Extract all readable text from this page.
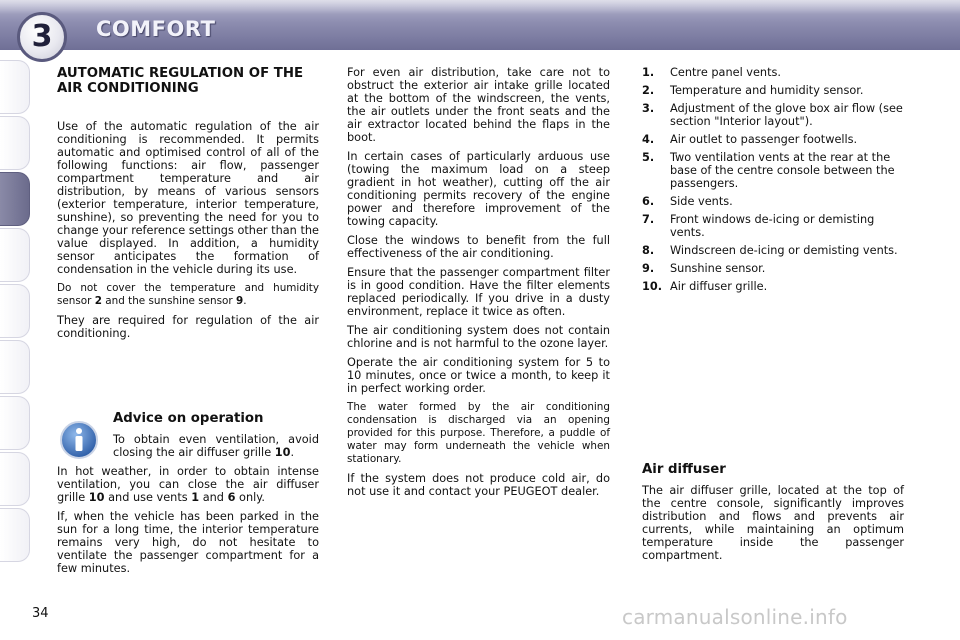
3	COMFORT
AUTOMATIC REGULATION OF THE AIR CONDITIONING

Use of the automatic regulation of the air conditioning is recommended. It permits automatic and optimised control of all of the following functions: air flow, passenger compartment temperature and air distribution, by means of various sensors (exterior temperature, interior temperature, sunshine), so preventing the need for you to change your reference settings other than the value displayed. In addition, a humidity sensor anticipates the formation of condensation in the vehicle during its use.

Do not cover the temperature and humidity sensor 2 and the sunshine sensor 9.

They are required for regulation of the air conditioning.

Advice on operation

To obtain even ventilation, avoid closing the air diffuser grille 10.

In hot weather, in order to obtain intense ventilation, you can close the air diffuser grille 10 and use vents 1 and 6 only.

If, when the vehicle has been parked in the sun for a long time, the interior temperature remains very high, do not hesitate to ventilate the passenger compartment for a few minutes.

For even air distribution, take care not to obstruct the exterior air intake grille located at the bottom of the windscreen, the vents, the air outlets under the front seats and the air extractor located behind the flaps in the boot.

In certain cases of particularly arduous use (towing the maximum load on a steep gradient in hot weather), cutting off the air conditioning permits recovery of the engine power and therefore improvement of the towing capacity.

Close the windows to benefit from the full effectiveness of the air conditioning.

Ensure that the passenger compartment filter is in good condition. Have the filter elements replaced periodically. If you drive in a dusty environment, replace it twice as often.

The air conditioning system does not contain chlorine and is not harmful to the ozone layer.

Operate the air conditioning system for 5 to 10 minutes, once or twice a month, to keep it in perfect working order.

The water formed by the air conditioning condensation is discharged via an opening provided for this purpose. Therefore, a puddle of water may form underneath the vehicle when stationary.

If the system does not produce cold air, do not use it and contact your PEUGEOT dealer.

1.	Centre panel vents.
2.	Temperature and humidity sensor.
3.	Adjustment of the glove box air flow (see section "Interior layout").
4.	Air outlet to passenger footwells.
5.	Two ventilation vents at the rear at the base of the centre console between the passengers.
6.	Side vents.
7.	Front windows de-icing or demisting vents.
8.	Windscreen de-icing or demisting vents.
9.	Sunshine sensor.
10. Air diffuser grille.
Air diffuser

The air diffuser grille, located at the top of the centre console, significantly improves distribution and flows and prevents air currents, while maintaining an optimum temperature inside the passenger compartment.

34	carmanualsonline.info
